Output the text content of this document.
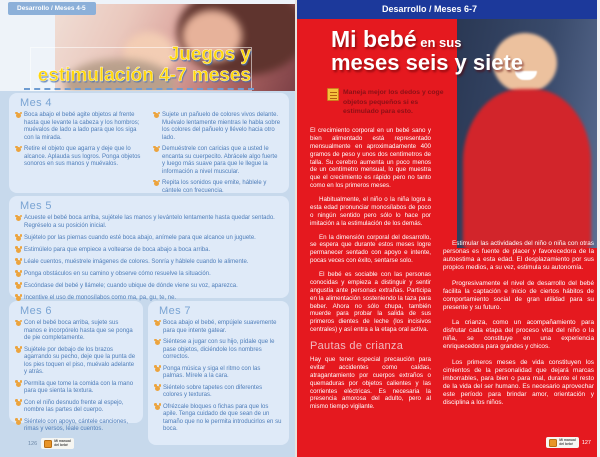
Desarrollo / Meses 4-5
Juegos y
estimulación 4-7 meses
Mes 4
Boca abajo el bebé agite objetos al frente hasta que levante la cabeza y los hombros; muévalos de lado a lado para que los siga con la mirada.
Retire el objeto que agarra y deje que lo alcance. Aplauda sus logros. Ponga objetos sonoros en sus manos y muévalos.
Sujete un pañuelo de colores vivos delante. Muévalo lentamente mientras le habla sobre los colores del pañuelo y llévelo hacia otro lado.
Demuéstrele con caricias que a usted le encanta su cuerpecito. Abrácele algo fuerte y luego más suave para que le llegue la información a nivel muscular.
Repita los sonidos que emite, háblele y cántele con frecuencia.
Mes 5
Acueste el bebé boca arriba, sujétele las manos y levántelo lentamente hasta quedar sentado. Regréselo a su posición inicial.
Sujételo por las piernas cuando esté boca abajo, anímele para que alcance un juguete.
Estimúlelo para que empiece a voltearse de boca abajo a boca arriba.
Léale cuentos, muéstrele imágenes de colores. Sonría y háblele cuando le alimente.
Ponga obstáculos en su camino y observe cómo resuelve la situación.
Escóndase del bebé y llámele; cuando ubique de dónde viene su voz, aparezca.
Incentive el uso de monosílabos como ma, pa, gu, te, ne.
Mes 6
Con el bebé boca arriba, sujete sus manos e incorpórelo hasta que se ponga de pie completamente.
Sujétele por debajo de los brazos agarrando su pecho, deje que la punta de los pies toquen el piso, muévalo adelante y atrás.
Permita que tome la comida con la mano para que sienta la textura.
Con el niño desnudo frente al espejo, nombre las partes del cuerpo.
Siéntelo con apoyo, cántele canciones, rimas y versos, léale cuentos.
Mes 7
Boca abajo el bebé, empújele suavemente para que intente gatear.
Siéntese a jugar con su hijo, pídale que le pase objetos, diciéndole los nombres correctos.
Ponga música y siga el ritmo con las palmas. Mírele a la cara.
Siéntelo sobre tapetes con diferentes colores y texturas.
Ofrézcale bloques o fichas para que los apile. Tenga cuidado de que sean de un tamaño que no le permita introducirlos en su boca.
126	Mi manual
del bebé
Desarrollo / Meses 6-7
Mi bebé en sus
meses seis y siete
Maneja mejor los dedos y coge objetos pequeños si es estimulado para esto.

El crecimiento corporal en un bebé sano y bien alimentado está representado mensualmente en aproximadamente 400 gramos de peso y unos dos centímetros de talla. Su cerebro aumenta un poco menos de un centímetro mensual, lo que muestra que el crecimiento es rápido pero no tanto como en los primeros meses.

Habitualmente, el niño o la niña logra a esta edad pronunciar monosílabos de poco o ningún sentido pero sólo lo hace por imitación a la estimulación de los demás.

En la dimensión corporal del desarrollo, se espera que durante estos meses logre permanecer sentado con apoyo e intente, pocas veces con éxito, sentarse solo.

El bebé es sociable con las personas conocidas y empieza a distinguir y sentir angustia ante personas extrañas. Participa en la alimentación sosteniendo la taza para beber. Ahora no sólo chupa, también muerde para probar la salida de sus primeros dientes de leche (los incisivos centrales) y así entra a la etapa oral activa.

Pautas de crianza

Hay que tener especial precaución para evitar accidentes como caídas, atragantamiento por cuerpos extraños o quemaduras por objetos calientes y las corrientes eléctricas. Es necesaria la presencia amorosa del adulto, pero al mismo tiempo vigilante.

Estimular las actividades del niño o niña con otras personas es fuente de placer y favorecedora de la autoestima a esta edad. El desplazamiento por sus propios medios, a su vez, estimula su autonomía.

Progresivamente el nivel de desarrollo del bebé facilita la captación e inicio de ciertos hábitos de comportamiento social de gran utilidad para su presente y su futuro.

La crianza, como un acompañamiento para disfrutar cada etapa del proceso vital del niño o la niña, se constituye en una experiencia enriquecedora para grandes y chicos.

Los primeros meses de vida constituyen los cimientos de la personalidad que dejará marcas imborrables, para bien o para mal, durante el resto de la vida del ser humano. Es necesario aprovechar este período para brindar amor, orientación y disciplina a los niños.

Mi manual
del bebé	127
